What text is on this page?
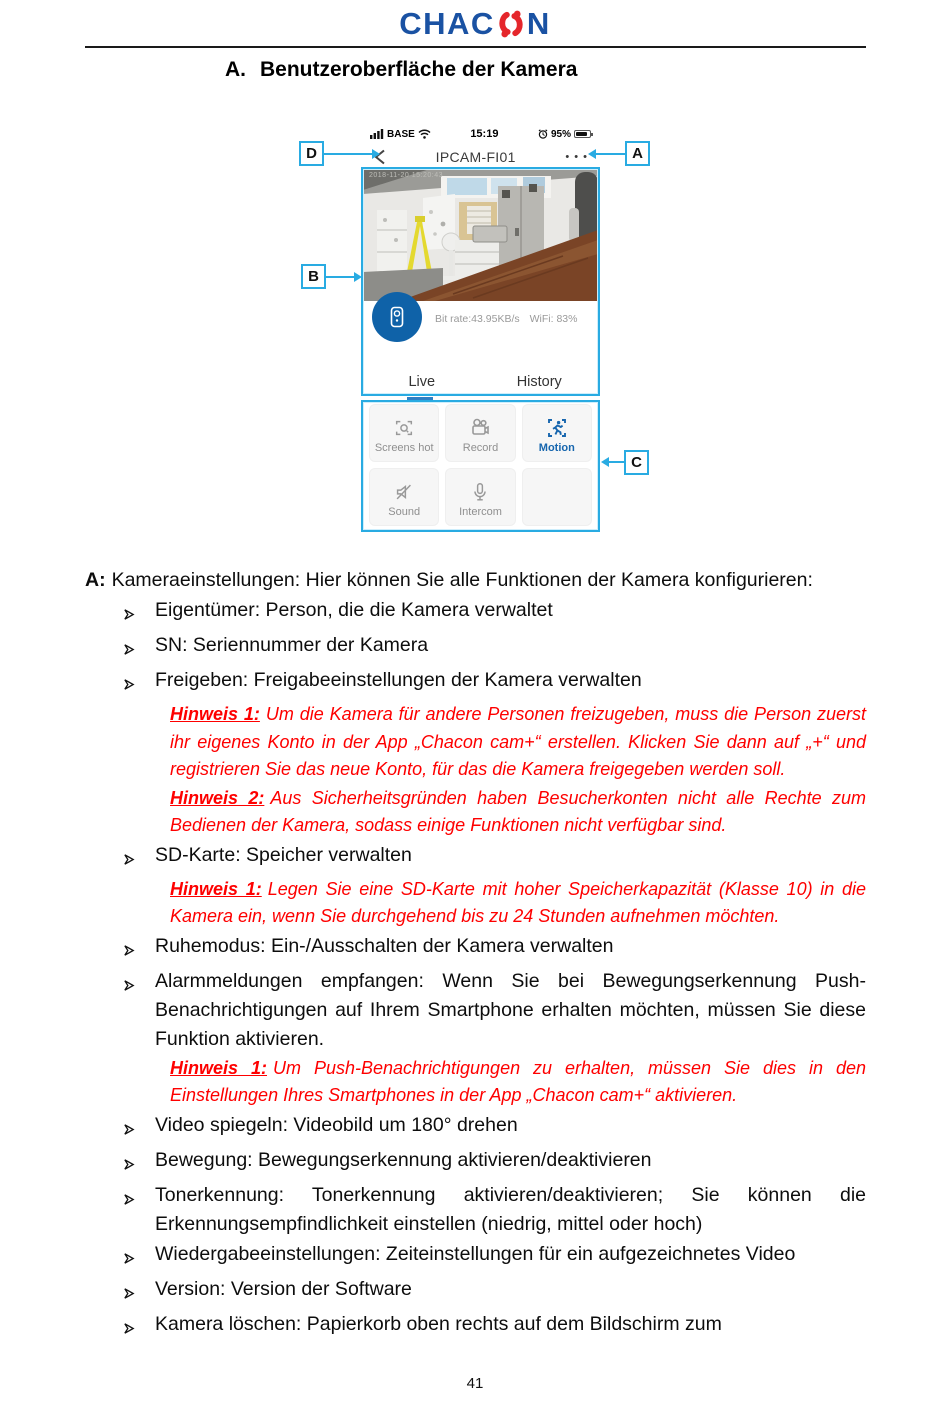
CHAC N
A. Benutzeroberfläche der Kamera
BASE	15:19	95%
IPCAM-FI01	• • •
2018-11-20 15:20:43
Bit rate:43.95KB/s WiFi: 83%
Live	History
Screens hot	Record	Motion
Sound	Intercom
D	A
B
C

A: Kameraeinstellungen: Hier können Sie alle Funktionen der Kamera konfigurieren:

Eigentümer: Person, die die Kamera verwaltet
SN: Seriennummer der Kamera
Freigeben: Freigabeeinstellungen der Kamera verwalten

Hinweis 1: Um die Kamera für andere Personen freizugeben, muss die Person zuerst ihr eigenes Konto in der App „Chacon cam+“ erstellen. Klicken Sie dann auf „+“ und registrieren Sie das neue Konto, für das die Kamera freigegeben werden soll.

Hinweis 2: Aus Sicherheitsgründen haben Besucherkonten nicht alle Rechte zum Bedienen der Kamera, sodass einige Funktionen nicht verfügbar sind.

SD-Karte: Speicher verwalten

Hinweis 1: Legen Sie eine SD-Karte mit hoher Speicherkapazität (Klasse 10) in die Kamera ein, wenn Sie durchgehend bis zu 24 Stunden aufnehmen möchten.

Ruhemodus: Ein-/Ausschalten der Kamera verwalten
Alarmmeldungen empfangen: Wenn Sie bei Bewegungserkennung Push-Benachrichtigungen auf Ihrem Smartphone erhalten möchten, müssen Sie diese Funktion aktivieren.

Hinweis 1: Um Push-Benachrichtigungen zu erhalten, müssen Sie dies in den Einstellungen Ihres Smartphones in der App „Chacon cam+“ aktivieren.

Video spiegeln: Videobild um 180° drehen
Bewegung: Bewegungserkennung aktivieren/deaktivieren
Tonerkennung: Tonerkennung aktivieren/deaktivieren; Sie können die Erkennungsempfindlichkeit einstellen (niedrig, mittel oder hoch)
Wiedergabeeinstellungen: Zeiteinstellungen für ein aufgezeichnetes Video
Version: Version der Software
Kamera löschen: Papierkorb oben rechts auf dem Bildschirm zum
41
